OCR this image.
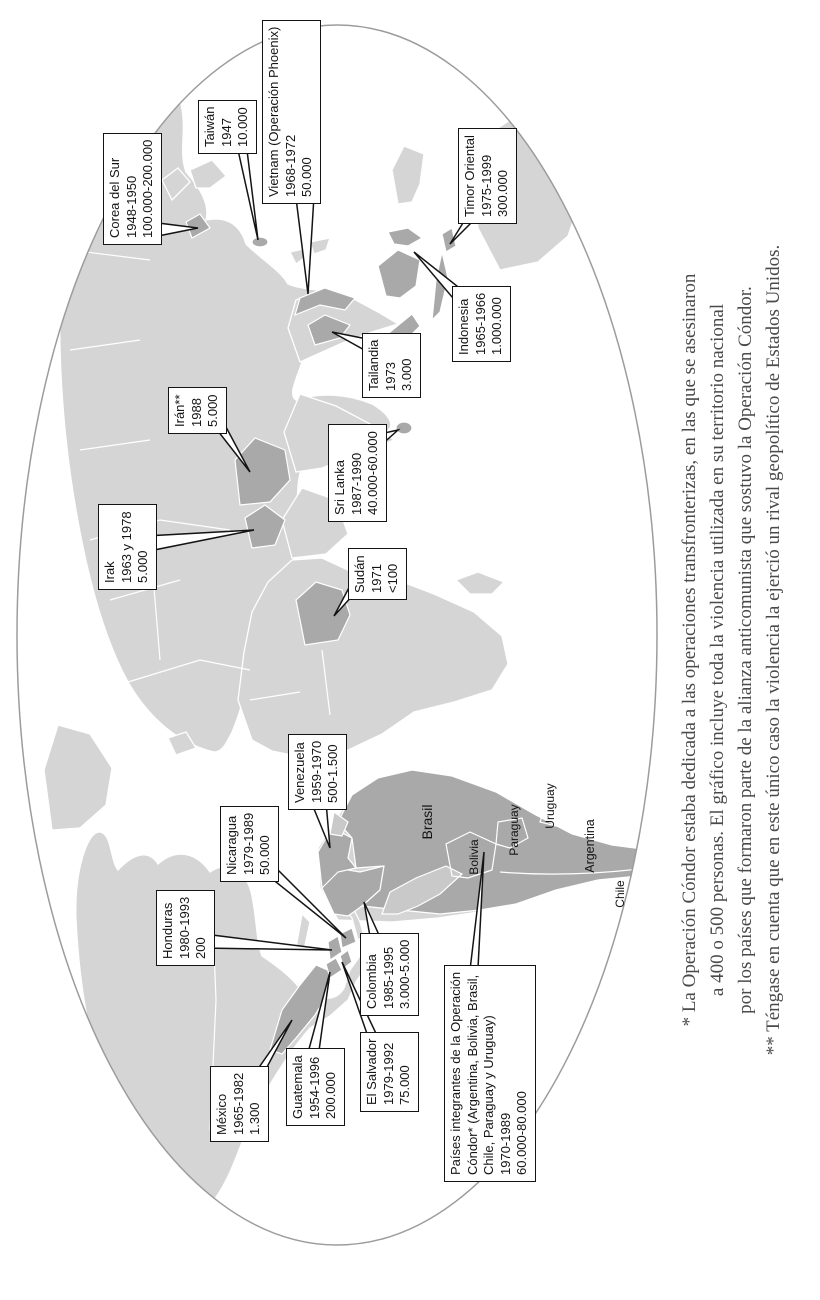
Brasil
Bolivia
Paraguay Uruguay
Argentina
Chile
Corea del Sur 1948-1950 100.000-200.000
Taiwán 1947 10.000 Vietnam (Operación Phoenix) 1968-1972 50.000	Timor Oriental 1975-1999 300.000
Indonesia 1965-1966 1.000.000
Tailandia 1973 3.000
Sri Lanka 1987-1990 40.000-60.000
Irán** 1988 5.000
Irak 1963 y 1978 5.000	Sudán 1971 <100
Venezuela 1959-1970 500-1.500
Nicaragua 1979-1989 50.000
Honduras 1980-1993 200
Colombia 1985-1995 3.000-5.000
México 1965-1982 1.300 Guatemala 1954-1996 200.000 El Salvador 1979-1992 75.000	Países integrantes de la Operación Cóndor* (Argentina, Bolivia, Brasil, Chile, Paraguay y Uruguay) 1970-1989 60.000-80.000
* La Operación Cóndor estaba dedicada a las operaciones transfronterizas, en las que se asesinaron a 400 o 500 personas. El gráfico incluye toda la violencia utilizada en su territorio nacional por los países que formaron parte de la alianza anticomunista que sostuvo la Operación Cóndor. ** Téngase en cuenta que en este único caso la violencia la ejerció un rival geopolítico de Estados Unidos.
